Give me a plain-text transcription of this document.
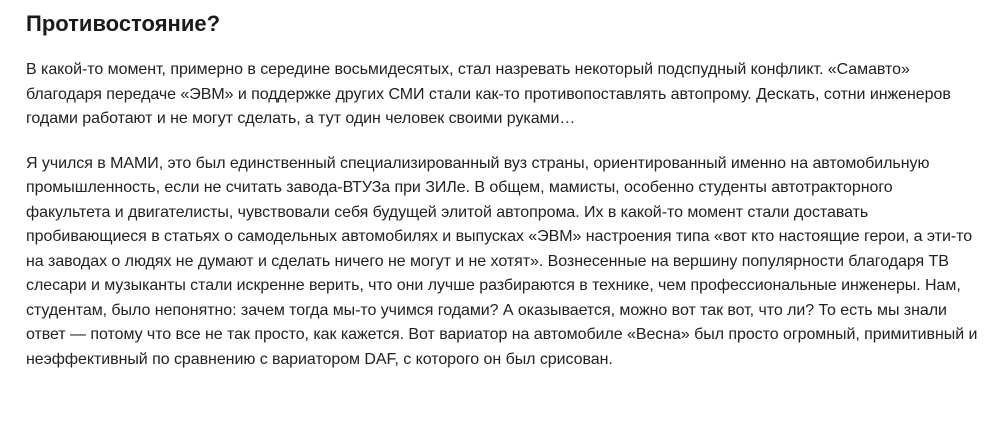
Противостояние?

В какой-то момент, примерно в середине восьмидесятых, стал назревать некоторый подспудный конфликт. «Самавто» благодаря передаче «ЭВМ» и поддержке других СМИ стали как-то противопоставлять автопрому. Дескать, сотни инженеров годами работают и не могут сделать, а тут один человек своими руками…

Я учился в МАМИ, это был единственный специализированный вуз страны, ориентированный именно на автомобильную промышленность, если не считать завода-ВТУЗа при ЗИЛе. В общем, мамисты, особенно студенты автотракторного факультета и двигателисты, чувствовали себя будущей элитой автопрома. Их в какой-то момент стали доставать пробивающиеся в статьях о самодельных автомобилях и выпусках «ЭВМ» настроения типа «вот кто настоящие герои, а эти-то на заводах о людях не думают и сделать ничего не могут и не хотят». Вознесенные на вершину популярности благодаря ТВ слесари и музыканты стали искренне верить, что они лучше разбираются в технике, чем профессиональные инженеры. Нам, студентам, было непонятно: зачем тогда мы-то учимся годами? А оказывается, можно вот так вот, что ли? То есть мы знали ответ — потому что все не так просто, как кажется. Вот вариатор на автомобиле «Весна» был просто огромный, примитивный и неэффективный по сравнению с вариатором DAF, с которого он был срисован.
